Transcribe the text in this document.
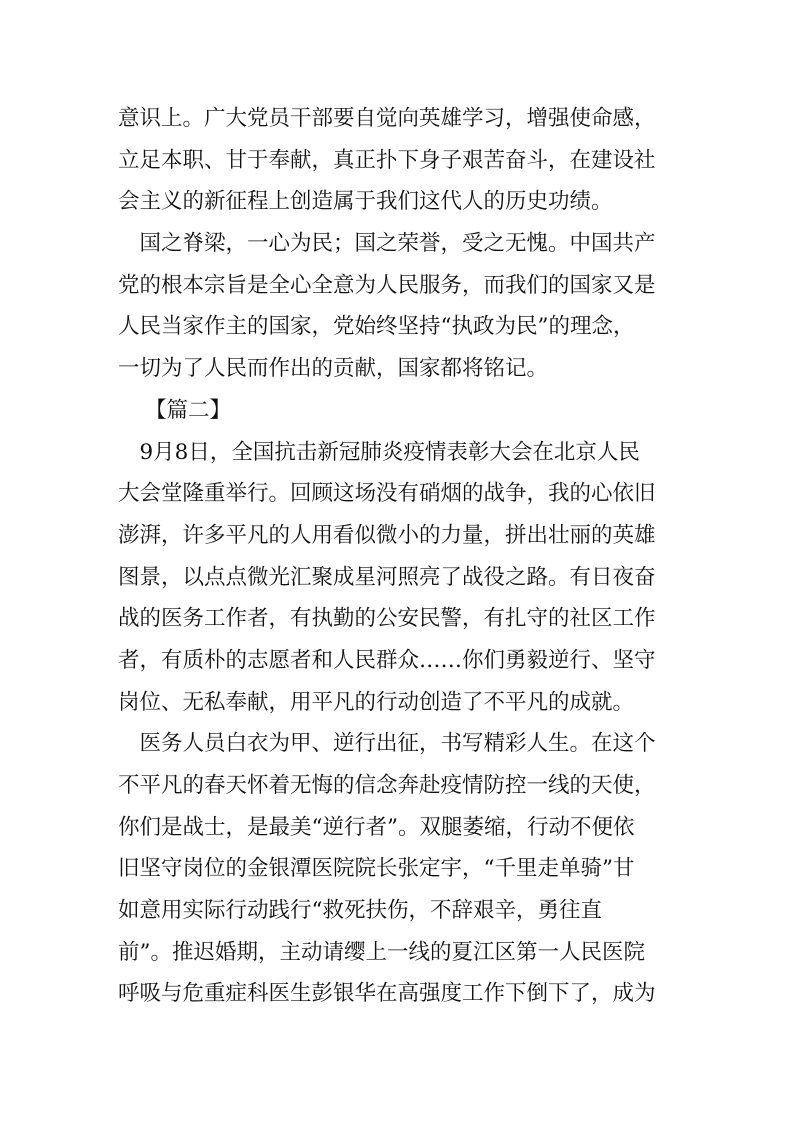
意识上。广大党员干部要自觉向英雄学习，增强使命感，
立足本职、甘于奉献，真正扑下身子艰苦奋斗，在建设社
会主义的新征程上创造属于我们这代人的历史功绩。
　国之脊梁，一心为民；国之荣誉，受之无愧。中国共产
党的根本宗旨是全心全意为人民服务，而我们的国家又是
人民当家作主的国家，党始终坚持“执政为民”的理念，
一切为了人民而作出的贡献，国家都将铭记。
【篇二】
　9月8日，全国抗击新冠肺炎疫情表彰大会在北京人民
大会堂隆重举行。回顾这场没有硝烟的战争，我的心依旧
澎湃，许多平凡的人用看似微小的力量，拼出壮丽的英雄
图景，以点点微光汇聚成星河照亮了战役之路。有日夜奋
战的医务工作者，有执勤的公安民警，有扎守的社区工作
者，有质朴的志愿者和人民群众……你们勇毅逆行、坚守
岗位、无私奉献，用平凡的行动创造了不平凡的成就。
　医务人员白衣为甲、逆行出征，书写精彩人生。在这个
不平凡的春天怀着无悔的信念奔赴疫情防控一线的天使，
你们是战士，是最美“逆行者”。双腿萎缩，行动不便依
旧坚守岗位的金银潭医院院长张定宇，“千里走单骑”甘
如意用实际行动践行“救死扶伤，不辞艰辛，勇往直
前”。推迟婚期，主动请缨上一线的夏江区第一人民医院
呼吸与危重症科医生彭银华在高强度工作下倒下了，成为
